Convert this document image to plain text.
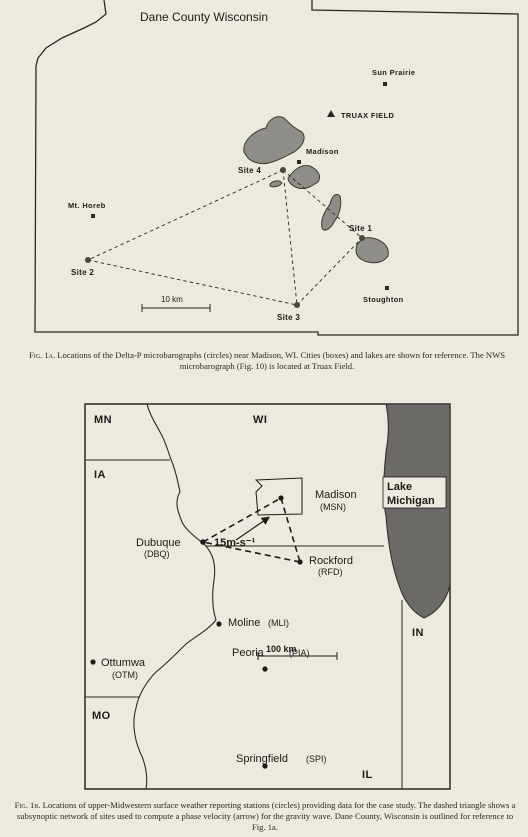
Dane County Wisconsin
Sun Prairie
TRUAX FIELD
Madison
Mt. Horeb
Stoughton
Site 4
Site 1
Site 2
Site 3
10 km
Fig. 1a. Locations of the Delta-P microbarographs (circles) near Madison, WI. Cities (boxes) and lakes are shown for reference. The NWS microbarograph (Fig. 10) is located at Truax Field.
MN	WI
IA
IN
MO
IL
Lake
Michigan
Madison
Dubuque
Rockford
Moline
Ottumwa
Peoria
Springfield
(MSN)
(DBQ)
(RFD)
(MLI)
(OTM)
(PIA)
(SPI)
15m-s⁻¹
100 km
Fig. 1b. Locations of upper-Midwestern surface weather reporting stations (circles) providing data for the case study. The dashed triangle shows a subsynoptic network of sites used to compute a phase velocity (arrow) for the gravity wave. Dane County, Wisconsin is outlined for reference to Fig. 1a.
